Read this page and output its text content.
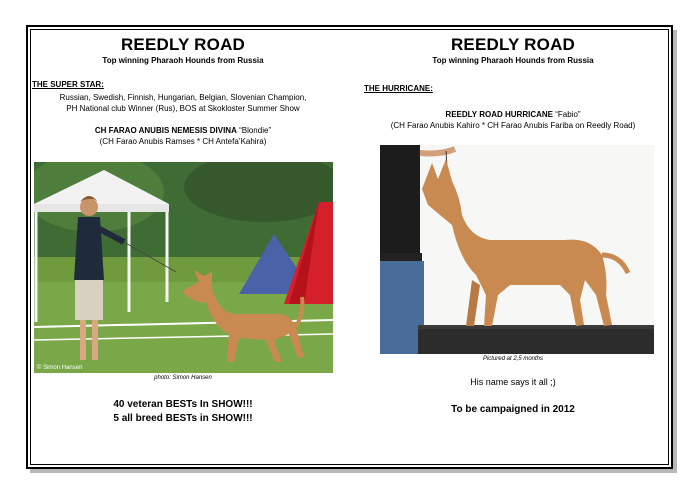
REEDLY ROAD
Top winning Pharaoh Hounds from Russia
THE SUPER STAR:
Russian, Swedish, Finnish, Hungarian, Belgian, Slovenian Champion,
PH National club Winner (Rus), BOS at Skokloster Summer Show
CH FARAO ANUBIS NEMESIS DIVINA “Blondie”
(CH Farao Anubis Ramses * CH Antefa’Kahira)
© Simon Hansen
photo: Simon Hansen
40 veteran BESTs In SHOW!!!
5 all breed BESTs in SHOW!!!
REEDLY ROAD
Top winning Pharaoh Hounds from Russia
THE HURRICANE:
REEDLY ROAD HURRICANE “Fabio”
(CH Farao Anubis Kahiro * CH Farao Anubis Fariba on Reedly Road)
Pictured at 2,5 months
His name says it all ;)
To be campaigned in 2012
